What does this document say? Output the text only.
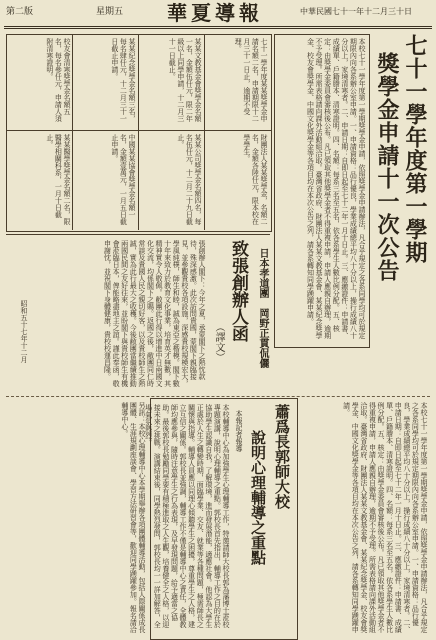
第二版	星期五	華夏導報	中華民國七十一年十二月三十日
七十一學年度第一學期
獎學金申請十一次公告
本校七十一學年度第一學期獎學金申請，依照獎學金申請辦法，凡合乎規定之各系同學均可於規定期限內向各系辦公室申請。一、申請資格：品行優良，學業成績總平均八十分以上，操行成績八十分以上，家境清寒者。二、申請日期：自即日起至七十二年一月十日止。三、應繳證件：申請書、成績單、戶籍謄本、清寒證明。四、名額：每系三名至五名，依各系學生人數比例分配。五、核定：由獎學金委員會審核後公布。凡已領取其他獎學金者不得重複申請，申請人應親自辦理，逾期不予受理。所需表格請向課外活動組洽取。臺灣省政府、財團法人某某文教基金會、某某紀念獎學金、校友會獎學金、中國文化獎學金等各項目均在本次公告之列，請各系轉知同學踴躍申請。
七十一學年度某某獎學金申請名額二名，申請期限十二月三十一日止，逾期不受理。
某某文教基金會獎學金名額一名，金額伍仟元，限二年級以上同學申請，十二月三十一日截止。
某某紀念獎學金名額三名，每名肆仟元，十二月三十一日截止申請。
校友會清寒獎學金名額五名，每名參仟元，申請人須附清寒證明。
財團法人某某獎學金，名額二名，金額各陸仟元，限本校在學學生。
某某公司獎學金名額四名，每名伍仟元，十二月二十九日截止。
中國某某協會獎學金名額一名，金額壹萬元，一月五日截止申請。
某某醫學獎學金名額二名，限醫學相關科系，一月十日截止。
日本孝道團　岡野正貫侃儷
致張創辦人函
（譯文）
張創辦人閣下：今年之夏，承蒙閣下之熱忱款待，殊深感激。此次訪問貴國，蒙閣下親臨接見，並參觀貴校各項設施，深感貴校規模宏大，學風純樸，師生和睦，誠為東亞之楷模。閣下數十年來致力於教育文化事業，培育英才無數，其精神實令人敬佩。敝團此行得以增進中日兩國文化交流，均係閣下之賜。返國之後，敝團同仁時常談及貴國人民之親切好客，以及貴校師生之熱誠，實為此行最大之收穫。今後敝團當繼續推動兩國民間之友好往來，並盼閣下與貴校師生有機會蒞臨日本，俾能略盡地主之誼。謹此奉函，敬申謝忱，並祝閣下身體健康，貴校校運昌隆。
昭和五十七年十二月
蕭爲長郭師大校
說明心理輔導之重點
本報記者報導
本校輔導中心為加強學生心理輔導工作，特邀請師大校長郭為藩博士蒞校專題演講，說明心理輔導之重點。郭校長首先指出，輔導工作之目的在於協助學生認識自我，了解環境，進而發展潛能，適應社會。他認為大學生正處於人生之轉變時期，面臨學業、交友、就業等各種問題，極需師長之關懷與指導。輔導人員應以同理心傾聽學生之困擾，尊重學生之人格，建立互信之關係。郭校長並強調，輔導工作不僅是輔導中心之責任，全體教師均應參與，隨時注意學生之行為表現，及早發現問題，給予適當之協助。最後郭校長勉勵同學要有積極進取之人生觀，培養健全之人格，以迎接未來之挑戰。演講結束後，同學熱烈發問，郭校長均一一詳加解答，全場氣氛熱烈。	本校七十一學年度第一學期獎學金申請，依照獎學金申請辦法，凡合乎規定之各系同學均可於規定期限內向各系辦公室申請。一、申請資格：品行優良，學業成績總平均八十分以上，操行成績八十分以上，家境清寒者。二、申請日期：自即日起至七十二年一月十日止。三、應繳證件：申請書、成績單、戶籍謄本、清寒證明。四、名額：每系三名至五名，依各系學生人數比例分配。五、核定：由獎學金委員會審核後公布。凡已領取其他獎學金者不得重複申請，申請人應親自辦理，逾期不予受理。所需表格請向課外活動組洽取。臺灣省政府、財團法人某某文教基金會、某某紀念獎學金、校友會獎學金、中國文化獎學金等各項目均在本次公告之列，請各系轉知同學踴躍申請。
另訊：本校心理輔導中心本學期舉辦各項團體輔導活動，包括人際關係成長團體、生涯規劃座談會、學習方法研習會等，歡迎同學踴躍參加。報名請洽輔導中心。
